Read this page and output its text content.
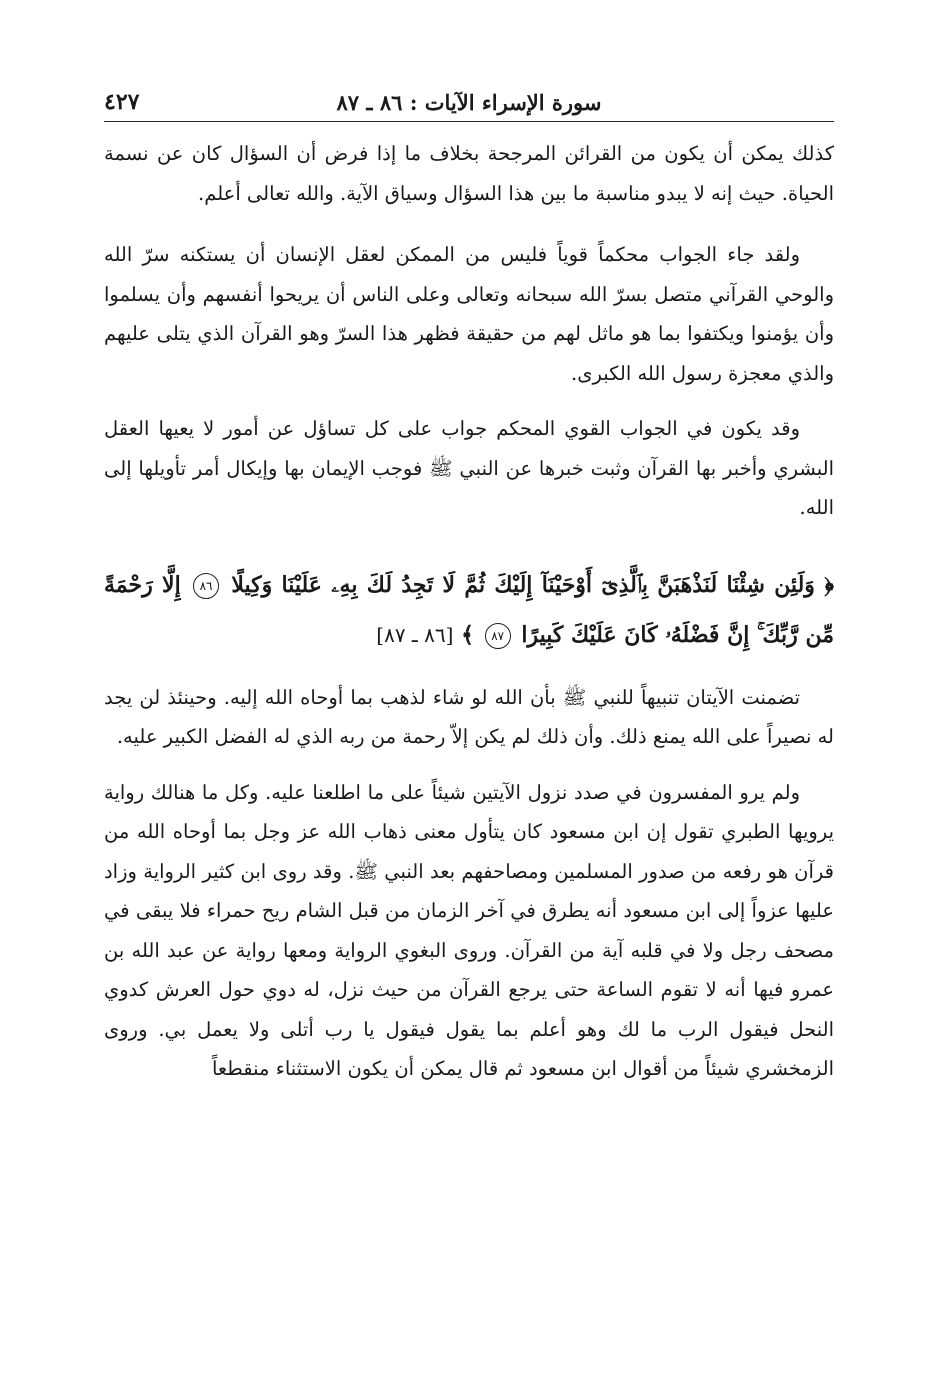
سورة الإسراء الآيات : ٨٦ ـ ٨٧
٤٢٧

كذلك يمكن أن يكون من القرائن المرجحة بخلاف ما إذا فرض أن السؤال كان عن نسمة الحياة. حيث إنه لا يبدو مناسبة ما بين هذا السؤال وسياق الآية. والله تعالى أعلم.

ولقد جاء الجواب محكماً قوياً فليس من الممكن لعقل الإنسان أن يستكنه سرّ الله والوحي القرآني متصل بسرّ الله سبحانه وتعالى وعلى الناس أن يريحوا أنفسهم وأن يسلموا وأن يؤمنوا ويكتفوا بما هو ماثل لهم من حقيقة فظهر هذا السرّ وهو القرآن الذي يتلى عليهم والذي معجزة رسول الله الكبرى.

وقد يكون في الجواب القوي المحكم جواب على كل تساؤل عن أمور لا يعيها العقل البشري وأخبر بها القرآن وثبت خبرها عن النبي ﷺ فوجب الإيمان بها وإيكال أمر تأويلها إلى الله.

﴿ وَلَئِن شِئْنَا لَنَذْهَبَنَّ بِٱلَّذِىٓ أَوْحَيْنَآ إِلَيْكَ ثُمَّ لَا تَجِدُ لَكَ بِهِۦ عَلَيْنَا وَكِيلًا ٨٦ إِلَّا رَحْمَةً مِّن رَّبِّكَ ۚ إِنَّ فَضْلَهُۥ كَانَ عَلَيْكَ كَبِيرًا ٨٧ ﴾ [٨٦ ـ ٨٧]

تضمنت الآيتان تنبيهاً للنبي ﷺ بأن الله لو شاء لذهب بما أوحاه الله إليه. وحينئذ لن يجد له نصيراً على الله يمنع ذلك. وأن ذلك لم يكن إلاّ رحمة من ربه الذي له الفضل الكبير عليه.

ولم يرو المفسرون في صدد نزول الآيتين شيئاً على ما اطلعنا عليه. وكل ما هنالك رواية يرويها الطبري تقول إن ابن مسعود كان يتأول معنى ذهاب الله عز وجل بما أوحاه الله من قرآن هو رفعه من صدور المسلمين ومصاحفهم بعد النبي ﷺ. وقد روى ابن كثير الرواية وزاد عليها عزواً إلى ابن مسعود أنه يطرق في آخر الزمان من قبل الشام ريح حمراء فلا يبقى في مصحف رجل ولا في قلبه آية من القرآن. وروى البغوي الرواية ومعها رواية عن عبد الله بن عمرو فيها أنه لا تقوم الساعة حتى يرجع القرآن من حيث نزل، له دوي حول العرش كدوي النحل فيقول الرب ما لك وهو أعلم بما يقول فيقول يا رب أتلى ولا يعمل بي. وروى الزمخشري شيئاً من أقوال ابن مسعود ثم قال يمكن أن يكون الاستثناء منقطعاً
